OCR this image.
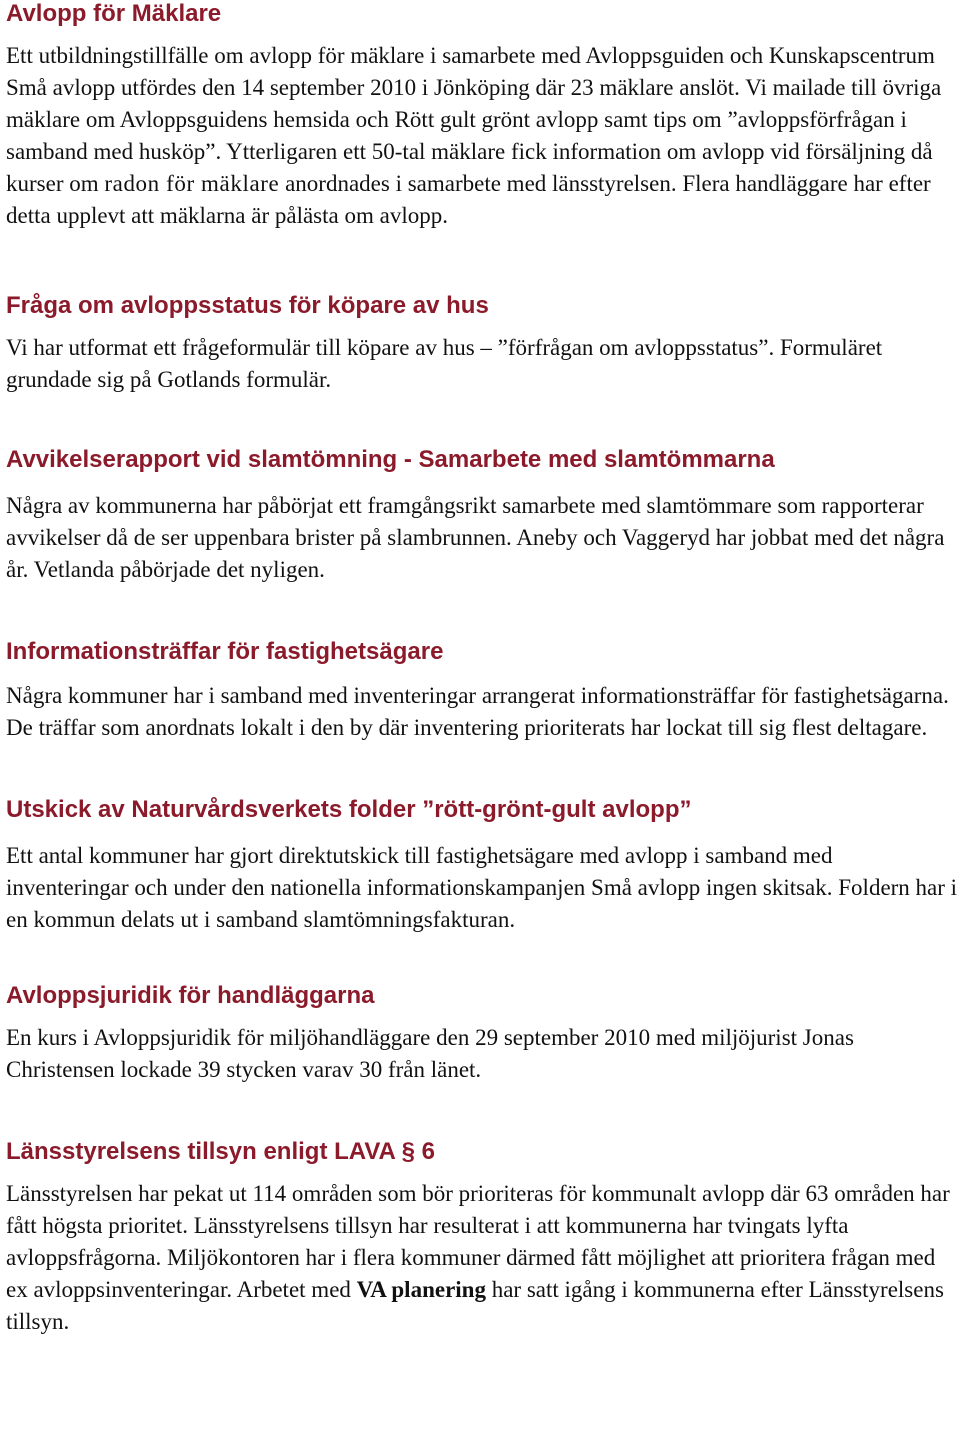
Avlopp för Mäklare

Ett utbildningstillfälle om avlopp för mäklare i samarbete med Avloppsguiden och Kunskapscentrum Små avlopp utfördes den 14 september 2010 i Jönköping där 23 mäklare anslöt. Vi mailade till övriga mäklare om Avloppsguidens hemsida och Rött gult grönt avlopp samt tips om ”avloppsförfrågan i samband med husköp”. Ytterligaren ett 50-tal mäklare fick information om avlopp vid försäljning då kurser om radon för mäklare anordnades i samarbete med länsstyrelsen. Flera handläggare har efter detta upplevt att mäklarna är pålästa om avlopp.

Fråga om avloppsstatus för köpare av hus

Vi har utformat ett frågeformulär till köpare av hus – ”förfrågan om avloppsstatus”. Formuläret grundade sig på Gotlands formulär.

Avvikelserapport vid slamtömning - Samarbete med slamtömmarna

Några av kommunerna har påbörjat ett framgångsrikt samarbete med slamtömmare som rapporterar avvikelser då de ser uppenbara brister på slambrunnen. Aneby och Vaggeryd har jobbat med det några år. Vetlanda påbörjade det nyligen.

Informationsträffar för fastighetsägare

Några kommuner har i samband med inventeringar arrangerat informationsträffar för fastighetsägarna. De träffar som anordnats lokalt i den by där inventering prioriterats har lockat till sig flest deltagare.

Utskick av Naturvårdsverkets folder ”rött-grönt-gult avlopp”

Ett antal kommuner har gjort direktutskick till fastighetsägare med avlopp i samband med inventeringar och under den nationella informationskampanjen Små avlopp ingen skitsak. Foldern har i en kommun delats ut i samband slamtömningsfakturan.

Avloppsjuridik för handläggarna

En kurs i Avloppsjuridik för miljöhandläggare den 29 september 2010 med miljöjurist Jonas Christensen lockade 39 stycken varav 30 från länet.

Länsstyrelsens tillsyn enligt LAVA § 6

Länsstyrelsen har pekat ut 114 områden som bör prioriteras för kommunalt avlopp där 63 områden har fått högsta prioritet. Länsstyrelsens tillsyn har resulterat i att kommunerna har tvingats lyfta avloppsfrågorna. Miljökontoren har i flera kommuner därmed fått möjlighet att prioritera frågan med ex avloppsinventeringar. Arbetet med VA planering har satt igång i kommunerna efter Länsstyrelsens tillsyn.
